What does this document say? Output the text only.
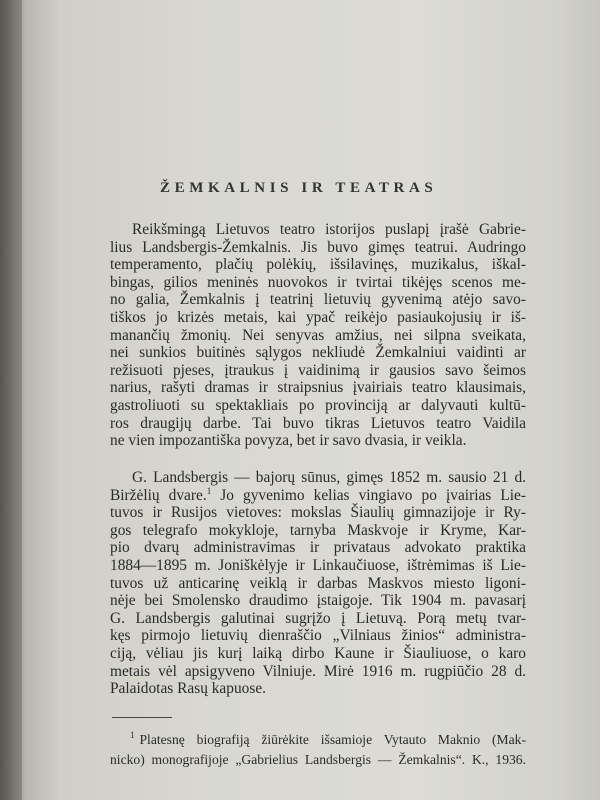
ŽEMKALNIS IR TEATRAS
Reikšmingą Lietuvos teatro istorijos puslapį įrašė Gabrie-
lius Landsbergis-Žemkalnis. Jis buvo gimęs teatrui. Audringo
temperamento, plačių polėkių, išsilavinęs, muzikalus, iškal-
bingas, gilios meninės nuovokos ir tvirtai tikėjęs scenos me-
no galia, Žemkalnis į teatrinį lietuvių gyvenimą atėjo savo-
tiškos jo krizės metais, kai ypač reikėjo pasiaukojusių ir iš-
manančių žmonių. Nei senyvas amžius, nei silpna sveikata,
nei sunkios buitinės sąlygos nekliudė Žemkalniui vaidinti ar
režisuoti pjeses, įtraukus į vaidinimą ir gausios savo šeimos
narius, rašyti dramas ir straipsnius įvairiais teatro klausimais,
gastroliuoti su spektakliais po provinciją ar dalyvauti kultū-
ros draugijų darbe. Tai buvo tikras Lietuvos teatro Vaidila
ne vien impozantiška povyza, bet ir savo dvasia, ir veikla.
G. Landsbergis — bajorų sūnus, gimęs 1852 m. sausio 21 d.
Biržėlių dvare.$^1$ Jo gyvenimo kelias vingiavo po įvairias Lie-
tuvos ir Rusijos vietoves: mokslas Šiaulių gimnazijoje ir Ry-
gos telegrafo mokykloje, tarnyba Maskvoje ir Kryme, Kar-
pio dvarų administravimas ir privataus advokato praktika
1884—1895 m. Joniškėlyje ir Linkaučiuose, ištrėmimas iš Lie-
tuvos už anticarinę veiklą ir darbas Maskvos miesto ligoni-
nėje bei Smolensko draudimo įstaigoje. Tik 1904 m. pavasarį
G. Landsbergis galutinai sugrįžo į Lietuvą. Porą metų tvar-
kęs pirmojo lietuvių dienraščio „Vilniaus žinios“ administra-
ciją, vėliau jis kurį laiką dirbo Kaune ir Šiauliuose, o karo
metais vėl apsigyveno Vilniuje. Mirė 1916 m. rugpiūčio 28 d.
Palaidotas Rasų kapuose.
$^1$ Platesnę biografiją žiūrėkite išsamioje Vytauto Maknio (Mak-
nicko) monografijoje „Gabrielius Landsbergis — Žemkalnis“. K., 1936.
